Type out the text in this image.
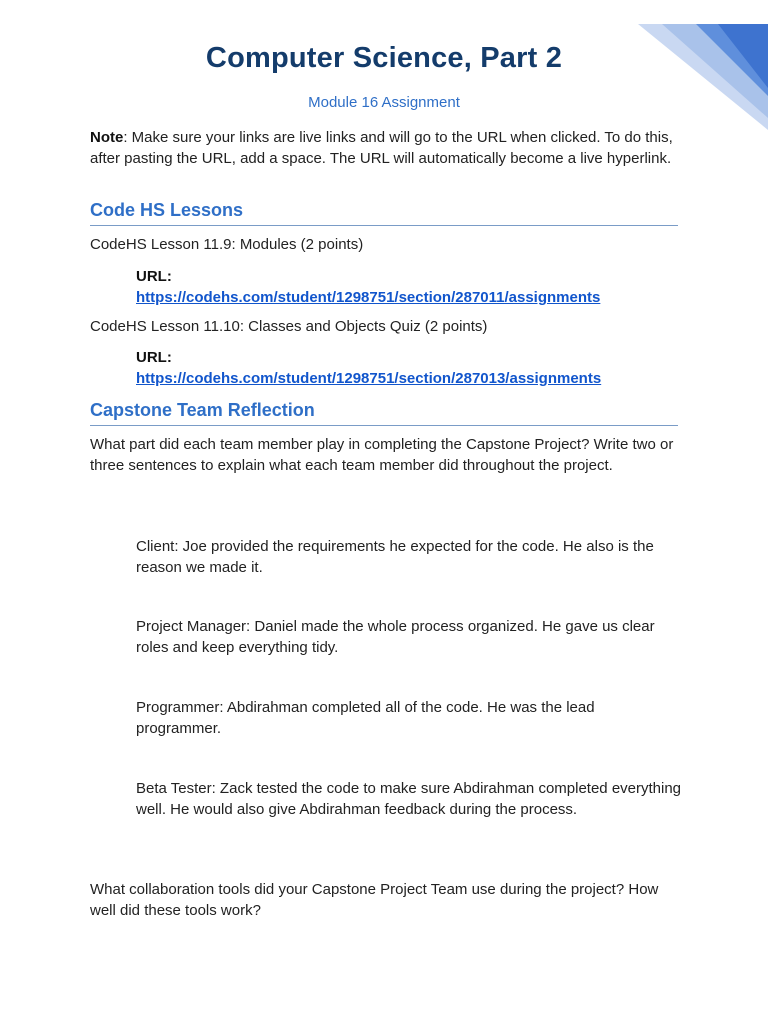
Computer Science, Part 2

Module 16 Assignment

Note: Make sure your links are live links and will go to the URL when clicked. To do this, after pasting the URL, add a space. The URL will automatically become a live hyperlink.

Code HS Lessons

CodeHS Lesson 11.9: Modules (2 points)

URL:
https://codehs.com/student/1298751/section/287011/assignments

CodeHS Lesson 11.10: Classes and Objects Quiz (2 points)

URL:
https://codehs.com/student/1298751/section/287013/assignments
Capstone Team Reflection

What part did each team member play in completing the Capstone Project? Write two or three sentences to explain what each team member did throughout the project.

Client: Joe provided the requirements he expected for the code. He also is the reason we made it.

Project Manager: Daniel made the whole process organized. He gave us clear roles and keep everything tidy.

Programmer: Abdirahman completed all of the code. He was the lead programmer.

Beta Tester: Zack tested the code to make sure Abdirahman completed everything well. He would also give Abdirahman feedback during the process.

What collaboration tools did your Capstone Project Team use during the project? How well did these tools work?
